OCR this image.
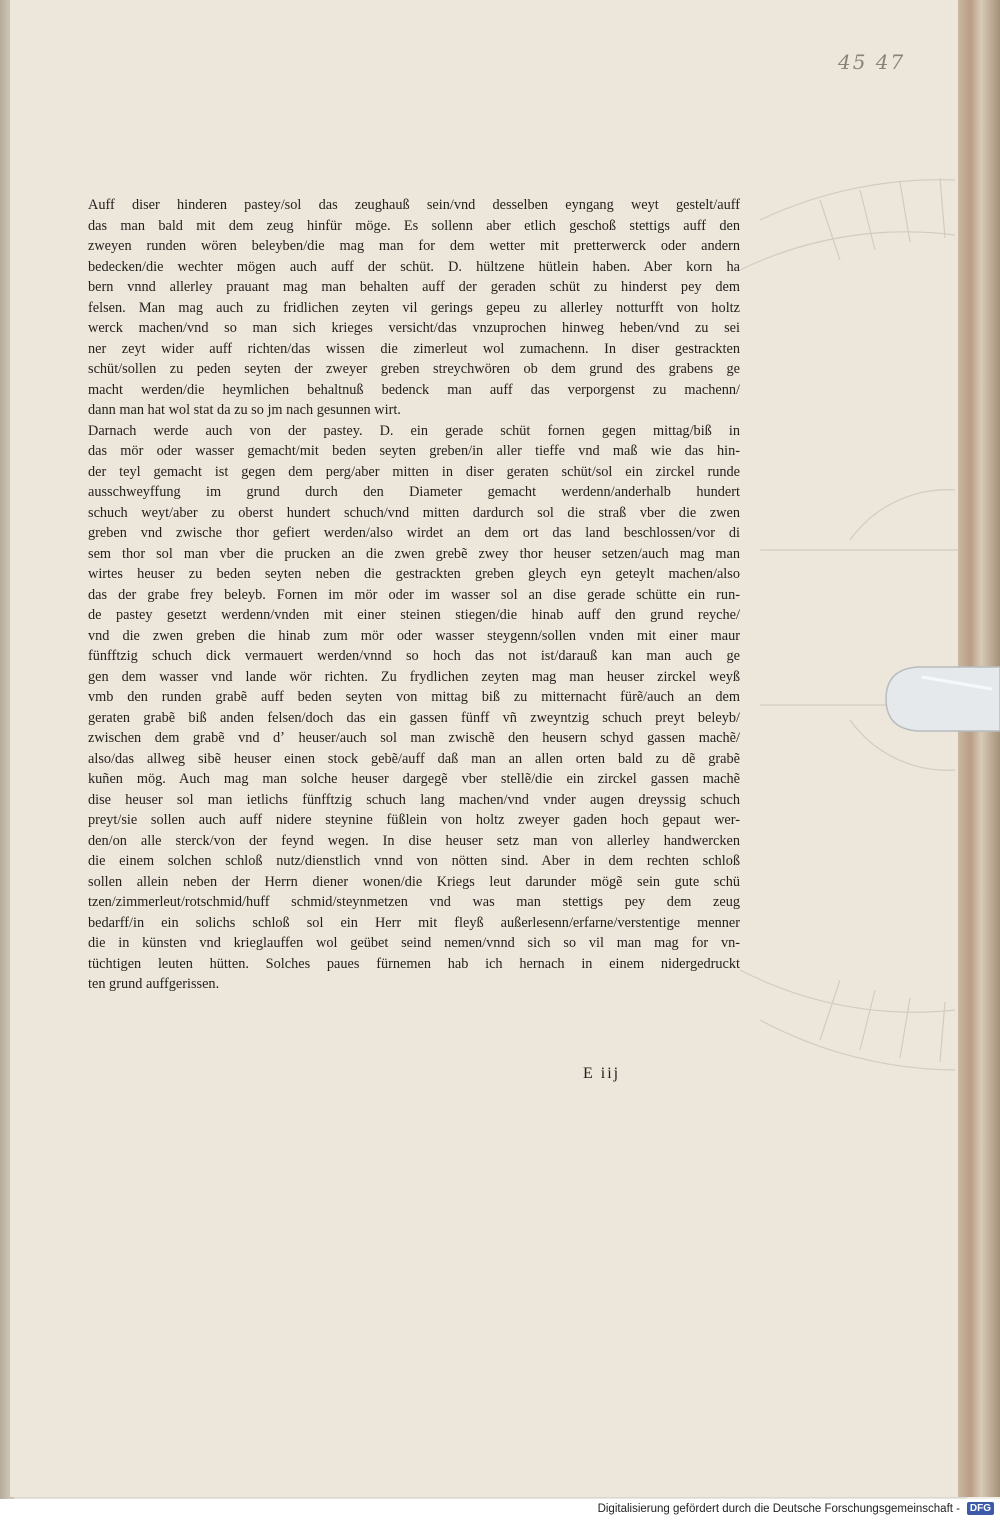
45 47
Auff diser hinderen pastey/sol das zeughauß sein/vnd desselben eyngang weyt gestelt/auff
das man bald mit dem zeug hinfür möge. Es sollenn aber etlich geschoß stettigs auff den
zweyen runden wören beleyben/die mag man for dem wetter mit pretterwerck oder andern
bedecken/die wechter mögen auch auff der schüt. D. hültzene hütlein haben. Aber korn ha
bern vnnd allerley prauant mag man behalten auff der geraden schüt zu hinderst pey dem
felsen. Man mag auch zu fridlichen zeyten vil gerings gepeu zu allerley notturfft von holtz
werck machen/vnd so man sich krieges versicht/das vnzuprochen hinweg heben/vnd zu sei
ner zeyt wider auff richten/das wissen die zimerleut wol zumachenn. In diser gestrackten
schüt/sollen zu peden seyten der zweyer greben streychwören ob dem grund des grabens ge
macht werden/die heymlichen behaltnuß bedenck man auff das verporgenst zu machenn/
dann man hat wol stat da zu so jm nach gesunnen wirt.
Darnach werde auch von der pastey. D. ein gerade schüt fornen gegen mittag/biß in
das mör oder wasser gemacht/mit beden seyten greben/in aller tieffe vnd maß wie das hin-
der teyl gemacht ist gegen dem perg/aber mitten in diser geraten schüt/sol ein zirckel runde
ausschweyffung im grund durch den Diameter gemacht werdenn/anderhalb hundert
schuch weyt/aber zu oberst hundert schuch/vnd mitten dardurch sol die straß vber die zwen
greben vnd zwische thor gefiert werden/also wirdet an dem ort das land beschlossen/vor di
sem thor sol man vber die prucken an die zwen grebẽ zwey thor heuser setzen/auch mag man
wirtes heuser zu beden seyten neben die gestrackten greben gleych eyn geteylt machen/also
das der grabe frey beleyb. Fornen im mör oder im wasser sol an dise gerade schütte ein run-
de pastey gesetzt werdenn/vnden mit einer steinen stiegen/die hinab auff den grund reyche/
vnd die zwen greben die hinab zum mör oder wasser steygenn/sollen vnden mit einer maur
fünfftzig schuch dick vermauert werden/vnnd so hoch das not ist/darauß kan man auch ge
gen dem wasser vnd lande wör richten. Zu frydlichen zeyten mag man heuser zirckel weyß
vmb den runden grabẽ auff beden seyten von mittag biß zu mitternacht fürẽ/auch an dem
geraten grabẽ biß anden felsen/doch das ein gassen fünff vñ zweyntzig schuch preyt beleyb/
zwischen dem grabẽ vnd dʼ heuser/auch sol man zwischẽ den heusern schyd gassen machẽ/
also/das allweg sibẽ heuser einen stock gebẽ/auff daß man an allen orten bald zu dẽ grabẽ
kuñen mög. Auch mag man solche heuser dargegẽ vber stellẽ/die ein zirckel gassen machẽ
dise heuser sol man ietlichs fünfftzig schuch lang machen/vnd vnder augen dreyssig schuch
preyt/sie sollen auch auff nidere steynine füßlein von holtz zweyer gaden hoch gepaut wer-
den/on alle sterck/von der feynd wegen. In dise heuser setz man von allerley handwercken
die einem solchen schloß nutz/dienstlich vnnd von nötten sind. Aber in dem rechten schloß
sollen allein neben der Herrn diener wonen/die Kriegs leut darunder mögẽ sein gute schü
tzen/zimmerleut/rotschmid/huff schmid/steynmetzen vnd was man stettigs pey dem zeug
bedarff/in ein solichs schloß sol ein Herr mit fleyß außerlesenn/erfarne/verstentige menner
die in künsten vnd krieglauffen wol geübet seind nemen/vnnd sich so vil man mag for vn-
tüchtigen leuten hütten. Solches paues fürnemen hab ich hernach in einem nidergedruckt
ten grund auffgerissen.
E iij
Digitalisierung gefördert durch die Deutsche Forschungsgemeinschaft - DFG
